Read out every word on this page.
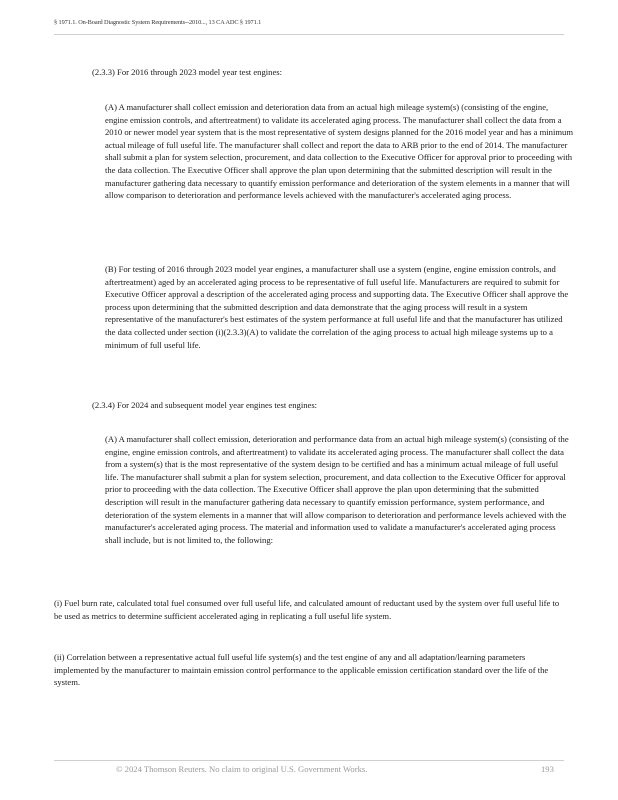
§ 1971.1. On-Board Diagnostic System Requirements--2010..., 13 CA ADC § 1971.1

(2.3.3) For 2016 through 2023 model year test engines:

(A) A manufacturer shall collect emission and deterioration data from an actual high mileage system(s) (consisting of the engine, engine emission controls, and aftertreatment) to validate its accelerated aging process. The manufacturer shall collect the data from a 2010 or newer model year system that is the most representative of system designs planned for the 2016 model year and has a minimum actual mileage of full useful life. The manufacturer shall collect and report the data to ARB prior to the end of 2014. The manufacturer shall submit a plan for system selection, procurement, and data collection to the Executive Officer for approval prior to proceeding with the data collection. The Executive Officer shall approve the plan upon determining that the submitted description will result in the manufacturer gathering data necessary to quantify emission performance and deterioration of the system elements in a manner that will allow comparison to deterioration and performance levels achieved with the manufacturer's accelerated aging process.

(B) For testing of 2016 through 2023 model year engines, a manufacturer shall use a system (engine, engine emission controls, and aftertreatment) aged by an accelerated aging process to be representative of full useful life. Manufacturers are required to submit for Executive Officer approval a description of the accelerated aging process and supporting data. The Executive Officer shall approve the process upon determining that the submitted description and data demonstrate that the aging process will result in a system representative of the manufacturer's best estimates of the system performance at full useful life and that the manufacturer has utilized the data collected under section (i)(2.3.3)(A) to validate the correlation of the aging process to actual high mileage systems up to a minimum of full useful life.

(2.3.4) For 2024 and subsequent model year engines test engines:

(A) A manufacturer shall collect emission, deterioration and performance data from an actual high mileage system(s) (consisting of the engine, engine emission controls, and aftertreatment) to validate its accelerated aging process. The manufacturer shall collect the data from a system(s) that is the most representative of the system design to be certified and has a minimum actual mileage of full useful life. The manufacturer shall submit a plan for system selection, procurement, and data collection to the Executive Officer for approval prior to proceeding with the data collection. The Executive Officer shall approve the plan upon determining that the submitted description will result in the manufacturer gathering data necessary to quantify emission performance, system performance, and deterioration of the system elements in a manner that will allow comparison to deterioration and performance levels achieved with the manufacturer's accelerated aging process. The material and information used to validate a manufacturer's accelerated aging process shall include, but is not limited to, the following:

(i) Fuel burn rate, calculated total fuel consumed over full useful life, and calculated amount of reductant used by the system over full useful life to be used as metrics to determine sufficient accelerated aging in replicating a full useful life system.

(ii) Correlation between a representative actual full useful life system(s) and the test engine of any and all adaptation/learning parameters implemented by the manufacturer to maintain emission control performance to the applicable emission certification standard over the life of the system.

© 2024 Thomson Reuters. No claim to original U.S. Government Works.	193
